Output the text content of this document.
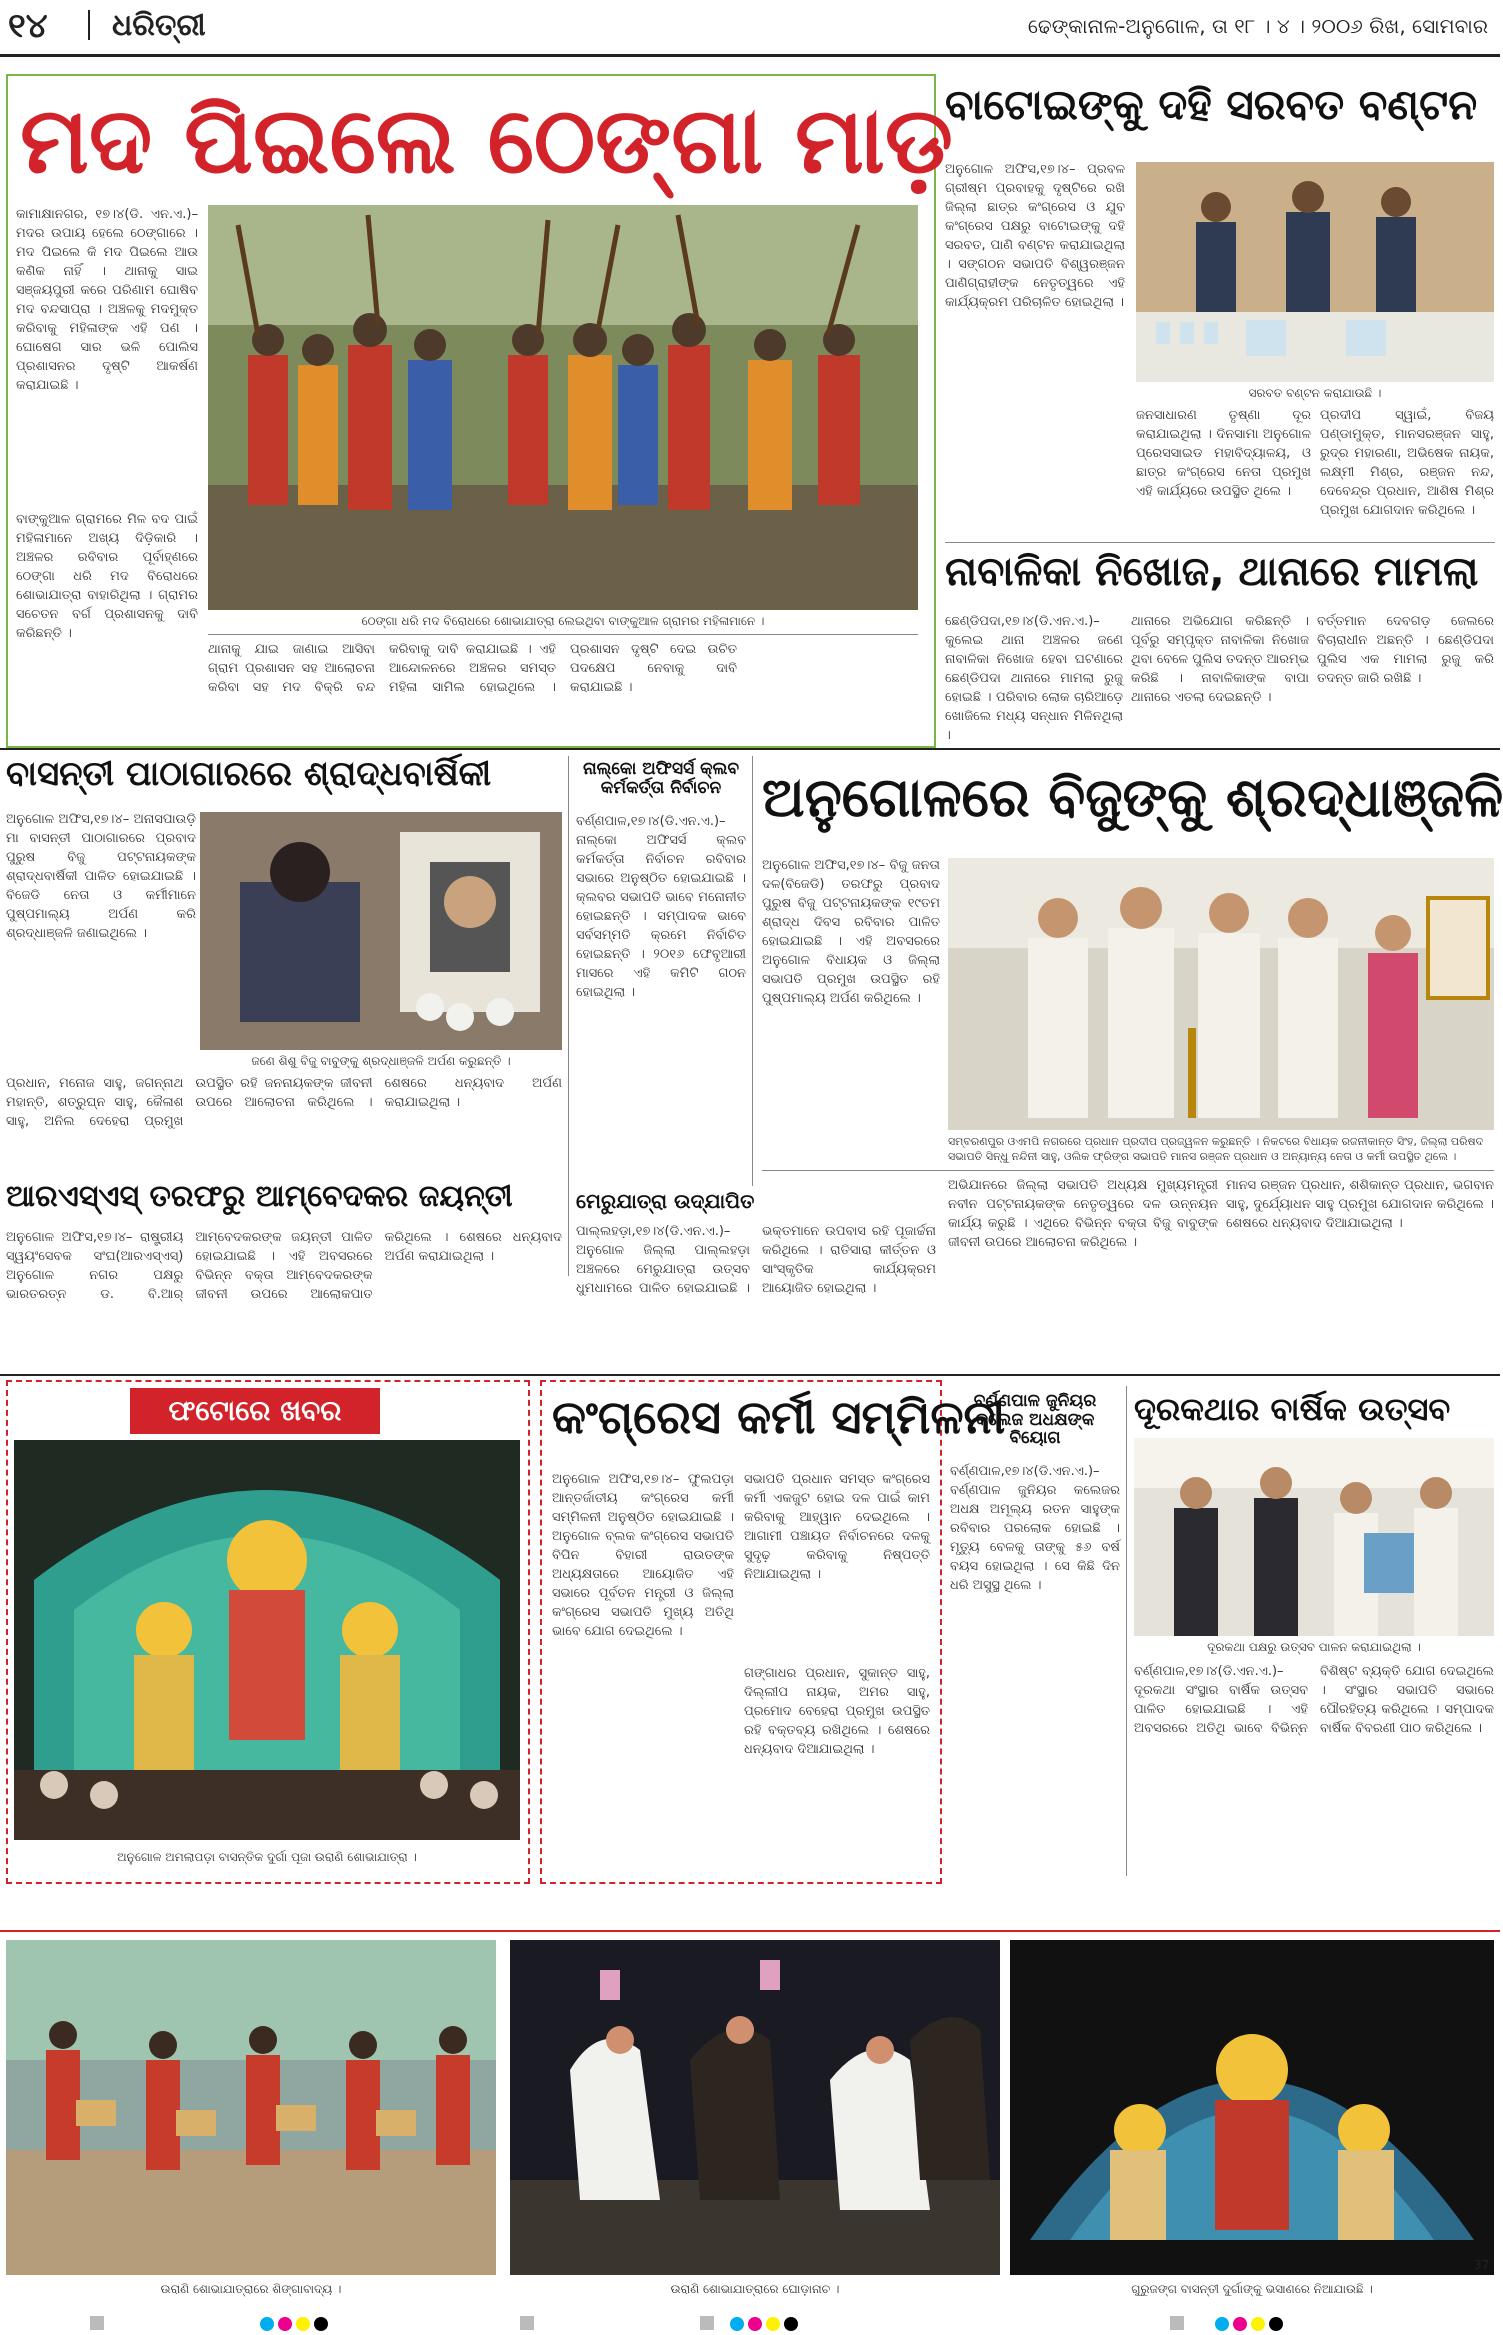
୧୪ ଧରିତ୍ରୀ	ଢେଙ୍କାନାଳ-ଅନୁଗୋଳ, ତା ୧୮ । ୪ । ୨୦୦୬ ରିଖ, ସୋମବାର
ମଦ ପିଇଲେ ଠେଙ୍ଗା ମାଡ଼
କାମାକ୍ଷାନଗର, ୧୭।୪(ଡି. ଏନ.ଏ.)– ମଦର ଉପାୟ ହେଲେ ଠେଙ୍ଗାରେ । ମଦ ପିଇଲେ କି ମଦ ପିଇଲେ ଆଉ କଣିକ ନାହିଁ । ଥାନାକୁ ସାଇ ସଞ୍ଜୟପୁରୀ କରେ ପରିଣାମ ଘୋଷିବ ମଦ ବନ୍ଦସାପ୍ରା । ଅଞ୍ଚଳକୁ ମଦମୁକ୍ତ କରିବାକୁ ମହିଳାଙ୍କ ଏହି ପଣ । ଘୋଷେଗ ସାର ଭଳି ପୋଲିସ ପ୍ରଶାସନର ଦୃଷ୍ଟି ଆକର୍ଷଣ କରାଯାଇଛି ।
ବାଙ୍କୁଆଳ ଗ୍ରାମରେ ମିଳ ବଦ ପାଇଁ ମହିଳାମାନେ ଅଖ୍ୟ ଦିଡ଼ିକାରି । ଅଞ୍ଚଳର ରବିବାର ପୂର୍ବାହ୍ଣରେ ଠେଙ୍ଗା ଧରି ମଦ ବିରୋଧରେ ଶୋଭାଯାତ୍ରା ବାହାରିଥିଲା । ଗ୍ରାମର ସଚେତନ ବର୍ଗ ପ୍ରଶାସନକୁ ଦାବି କରିଛନ୍ତି ।
ଠେଙ୍ଗା ଧରି ମଦ ବିରୋଧରେ ଶୋଭାଯାତ୍ରା ଲେଇଥିବା ବାଙ୍କୁଆଳ ଗ୍ରାମର ମହିଳାମାନେ ।
ଥାନାକୁ ଯାଇ ଜାଣାଇ ଆସିବା ଗ୍ରାମ ପ୍ରଶାସନ ସହ ଆଲୋଚନା କରିବା ସହ ମଦ ବିକ୍ରି ବନ୍ଦ କରିବାକୁ ଦାବି କରାଯାଇଛି । ଏହି ଆନ୍ଦୋଳନରେ ଅଞ୍ଚଳର ସମସ୍ତ ମହିଳା ସାମିଲ ହୋଇଥିଲେ । ପ୍ରଶାସନ ଦୃଷ୍ଟି ଦେଇ ଉଚିତ ପଦକ୍ଷେପ ନେବାକୁ ଦାବି କରାଯାଇଛି ।
ବାଟୋଇଙ୍କୁ ଦହି ସରବତ ବଣ୍ଟନ
ଅନୁଗୋଳ ଅଫିସ,୧୭।୪– ପ୍ରବଳ ଗ୍ରୀଷ୍ମ ପ୍ରବାହକୁ ଦୃଷ୍ଟିରେ ରଖି ଜିଲ୍ଲା ଛାତ୍ର କଂଗ୍ରେସ ଓ ଯୁବ କଂଗ୍ରେସ ପକ୍ଷରୁ ବାଟୋଇଙ୍କୁ ଦହି ସରବତ, ପାଣି ବଣ୍ଟନ କରାଯାଇଥିଲା । ସଙ୍ଗଠନ ସଭାପତି ବିଶ୍ୱରଞ୍ଜନ ପାଣିଗ୍ରାହୀଙ୍କ ନେତୃତ୍ୱରେ ଏହି କାର୍ଯ୍ୟକ୍ରମ ପରିଚାଳିତ ହୋଇଥିଲା ।
ସରବତ ବଣ୍ଟନ କରାଯାଉଛି ।
ଜନସାଧାରଣ ତୃଷ୍ଣା ଦୂର କରାଯାଇଥିଲା । ଦିନସାମା ଅନୁଗୋଳ ପ୍ରେସସାଇଡ ମହାବିଦ୍ୟାଳୟ, ଓ ଛାତ୍ର କଂଗ୍ରେସ ନେତା ପ୍ରମୁଖ ଏହି କାର୍ଯ୍ୟରେ ଉପସ୍ଥିତ ଥିଲେ ।
ପ୍ରଦୀପ ସ୍ୱାଇଁ, ବିଜୟ ପଣ୍ଡାମୁକ୍ତ, ମାନସରଞ୍ଜନ ସାହୁ, ରୁଦ୍ର ମହାରଣା, ଅଭିଷେକ ନାୟକ, ଲକ୍ଷ୍ମୀ ମିଶ୍ର, ରଞ୍ଜନ ନନ୍ଦ, ଦେବେନ୍ଦ୍ର ପ୍ରଧାନ, ଆଶିଷ ମିଶ୍ର ପ୍ରମୁଖ ଯୋଗଦାନ କରିଥିଲେ ।
ନାବାଳିକା ନିଖୋଜ, ଥାନାରେ ମାମଲା
ଛେଣ୍ଡିପଦା,୧୭।୪(ଡି.ଏନ.ଏ.)– କୁଲେଇ ଥାନା ଅଞ୍ଚଳର ଜଣେ ନାବାଳିକା ନିଖୋଜ ହେବା ଘଟଣାରେ ଛେଣ୍ଡିପଦା ଥାନାରେ ମାମଲା ରୁଜୁ ହୋଇଛି । ପରିବାର ଲୋକ ଚାରିଆଡ଼େ ଖୋଜିଲେ ମଧ୍ୟ ସନ୍ଧାନ ମିଳିନଥିଲା ।
ଥାନାରେ ଅଭିଯୋଗ କରିଛନ୍ତି । ପୂର୍ବରୁ ସମ୍ପୃକ୍ତ ନାବାଳିକା ନିଖୋଜ ଥିବା ବେଳେ ପୁଲିସ ତଦନ୍ତ ଆରମ୍ଭ କରିଛି । ନାବାଳିକାଙ୍କ ବାପା ଥାନାରେ ଏତଲା ଦେଇଛନ୍ତି ।
ବର୍ତ୍ତମାନ ଦେବଗଡ଼ ଜେଲରେ ବିଚାରାଧୀନ ଅଛନ୍ତି । ଛେଣ୍ଡିପଦା ପୁଲିସ ଏକ ମାମଲା ରୁଜୁ କରି ତଦନ୍ତ ଜାରି ରଖିଛି ।
ବାସନ୍ତୀ ପାଠାଗାରରେ ଶ୍ରାଦ୍ଧବାର୍ଷିକୀ
ଅନୁଗୋଳ ଅଫିସ,୧୭।୪– ଅନାସପାଉଡ଼ି ମା ବାସନ୍ତୀ ପାଠାଗାରରେ ପ୍ରବାଦ ପୁରୁଷ ବିଜୁ ପଟ୍ଟନାୟକଙ୍କ ଶ୍ରାଦ୍ଧବାର୍ଷିକୀ ପାଳିତ ହୋଇଯାଇଛି । ବିଜେଡି ନେତା ଓ କର୍ମୀମାନେ ପୁଷ୍ପମାଲ୍ୟ ଅର୍ପଣ କରି ଶ୍ରଦ୍ଧାଞ୍ଜଳି ଜଣାଇଥିଲେ ।
ଜଣେ ଶିଶୁ ବିଜୁ ବାବୁଙ୍କୁ ଶ୍ରଦ୍ଧାଞ୍ଜଳି ଅର୍ପଣ କରୁଛନ୍ତି ।
ପ୍ରଧାନ, ମନୋଜ ସାହୁ, ଜଗନ୍ନାଥ ମହାନ୍ତି, ଶତ୍ରୁଘ୍ନ ସାହୁ, କୈଳାଶ ସାହୁ, ଅନିଲ ଦେହେରା ପ୍ରମୁଖ ଉପସ୍ଥିତ ରହି ଜନନାୟକଙ୍କ ଜୀବନୀ ଉପରେ ଆଲୋଚନା କରିଥିଲେ । ଶେଷରେ ଧନ୍ୟବାଦ ଅର୍ପଣ କରାଯାଇଥିଲା ।
ନାଲ୍‌କୋ ଅଫିସର୍ସ କ୍ଲବ କର୍ମକର୍ତ୍ତା ନିର୍ବାଚନ
ବର୍ଣ୍ଣପାଳ,୧୭।୪(ଡି.ଏନ.ଏ.)– ନାଲ୍‌କୋ ଅଫିସର୍ସ କ୍ଲବ କର୍ମକର୍ତ୍ତା ନିର୍ବାଚନ ରବିବାର ସଭାରେ ଅନୁଷ୍ଠିତ ହୋଇଯାଇଛି । କ୍ଲବର ସଭାପତି ଭାବେ ମନୋନୀତ ହୋଇଛନ୍ତି । ସମ୍ପାଦକ ଭାବେ ସର୍ବସମ୍ମତି କ୍ରମେ ନିର୍ବାଚିତ ହୋଇଛନ୍ତି । ୨୦୧୬ ଫେବୃଆରୀ ମାସରେ ଏହି କମିଟି ଗଠନ ହୋଇଥିଲା ।
ଅନୁଗୋଳରେ ବିଜୁଙ୍କୁ ଶ୍ରଦ୍ଧାଞ୍ଜଳି
ଅନୁଗୋଳ ଅଫିସ,୧୭।୪– ବିଜୁ ଜନତା ଦଳ(ବିଜେଡି) ତରଫରୁ ପ୍ରବାଦ ପୁରୁଷ ବିଜୁ ପଟ୍ଟନାୟକଙ୍କ ୧୯ତମ ଶ୍ରାଦ୍ଧ ଦିବସ ରବିବାର ପାଳିତ ହୋଇଯାଇଛି । ଏହି ଅବସରରେ ଅନୁଗୋଳ ବିଧାୟକ ଓ ଜିଲ୍ଲା ସଭାପତି ପ୍ରମୁଖ ଉପସ୍ଥିତ ରହି ପୁଷ୍ପମାଲ୍ୟ ଅର୍ପଣ କରିଥିଲେ ।
ସମ୍ବରଣପୁର ଓଏମପି ନଗରରେ ପ୍ରଧାନ ପ୍ରଦୀପ ପ୍ରଜ୍ୱଳନ କରୁଛନ୍ତି । ନିକଟରେ ବିଧାୟକ ରଜନୀକାନ୍ତ ସିଂହ, ଜିଲ୍ଲା ପରିଷଦ ସଭାପତି ସିନ୍ଧୁ ନନ୍ଦିନୀ ସାହୁ, ଓଲିକ ଫ୍ରିଙ୍ଗ ସଭାପତି ମାନସ ରଞ୍ଜନ ପ୍ରଧାନ ଓ ଅନ୍ୟାନ୍ୟ ନେତା ଓ କର୍ମୀ ଉପସ୍ଥିତ ଥିଲେ ।
ଅଭିଯାନରେ ଜିଲ୍ଲା ସଭାପତି ଅଧ୍ୟକ୍ଷ ମୁଖ୍ୟମନ୍ତ୍ରୀ ନବୀନ ପଟ୍ଟନାୟକଙ୍କ ନେତୃତ୍ୱରେ ଦଳ ଉନ୍ନୟନ କାର୍ଯ୍ୟ କରୁଛି । ଏଥିରେ ବିଭିନ୍ନ ବକ୍ତା ବିଜୁ ବାବୁଙ୍କ ଜୀବନୀ ଉପରେ ଆଲୋଚନା କରିଥିଲେ ।
ମାନସ ରଞ୍ଜନ ପ୍ରଧାନ, ଶଶିକାନ୍ତ ପ୍ରଧାନ, ଭଗବାନ ସାହୁ, ଦୁର୍ଯ୍ୟୋଧନ ସାହୁ ପ୍ରମୁଖ ଯୋଗଦାନ କରିଥିଲେ । ଶେଷରେ ଧନ୍ୟବାଦ ଦିଆଯାଇଥିଲା ।
ଆରଏସ୍‌ଏସ୍ ତରଫରୁ ଆମ୍ବେଦକର ଜୟନ୍ତୀ
ଅନୁଗୋଳ ଅଫିସ,୧୭।୪– ରାଷ୍ଟ୍ରୀୟ ସ୍ୱୟଂସେବକ ସଂଘ(ଆରଏସ୍‌ଏସ୍) ଅନୁଗୋଳ ନଗର ପକ୍ଷରୁ ଭାରତରତ୍ନ ଡ. ବି.ଆର୍ ଆମ୍ବେଦକରଙ୍କ ଜୟନ୍ତୀ ପାଳିତ ହୋଇଯାଇଛି । ଏହି ଅବସରରେ ବିଭିନ୍ନ ବକ୍ତା ଆମ୍ବେଦକରଙ୍କ ଜୀବନୀ ଉପରେ ଆଲୋକପାତ କରିଥିଲେ । ଶେଷରେ ଧନ୍ୟବାଦ ଅର୍ପଣ କରାଯାଇଥିଲା ।
ମେରୁଯାତ୍ରା ଉଦ୍‌ଯାପିତ
ପାଲ୍ଲହଡ଼ା,୧୭।୪(ଡି.ଏନ.ଏ.)– ଅନୁଗୋଳ ଜିଲ୍ଲା ପାଲ୍ଲହଡ଼ା ଅଞ୍ଚଳରେ ମେରୁଯାତ୍ରା ଉତ୍ସବ ଧୁମଧାମରେ ପାଳିତ ହୋଇଯାଇଛି । ଭକ୍ତମାନେ ଉପବାସ ରହି ପୂଜାର୍ଚ୍ଚନା କରିଥିଲେ । ରାତିସାରା କୀର୍ତ୍ତନ ଓ ସାଂସ୍କୃତିକ କାର୍ଯ୍ୟକ୍ରମ ଆୟୋଜିତ ହୋଇଥିଲା ।
ଫଟୋରେ ଖବର
ଅନୁଗୋଳ ଅମଲାପଡ଼ା ବାସନ୍ତିକ ଦୁର୍ଗା ପୂଜା ଉରାଣି ଶୋଭାଯାତ୍ରା ।
କଂଗ୍ରେସ କର୍ମୀ ସମ୍ମିଳନୀ
ଅନୁଗୋଳ ଅଫିସ,୧୭।୪– ଫୁଲପଡ଼ା ଆନ୍ତର୍ଜାତୀୟ କଂଗ୍ରେସ କର୍ମୀ ସମ୍ମିଳନୀ ଅନୁଷ୍ଠିତ ହୋଇଯାଇଛି । ଅନୁଗୋଳ ବ୍ଲକ କଂଗ୍ରେସ ସଭାପତି ବିପିନ ବିହାରୀ ରାଉତଙ୍କ ଅଧ୍ୟକ୍ଷତାରେ ଆୟୋଜିତ ଏହି ସଭାରେ ପୂର୍ବତନ ମନ୍ତ୍ରୀ ଓ ଜିଲ୍ଲା କଂଗ୍ରେସ ସଭାପତି ମୁଖ୍ୟ ଅତିଥି ଭାବେ ଯୋଗ ଦେଇଥିଲେ ।
ସଭାପତି ପ୍ରଧାନ ସମସ୍ତ କଂଗ୍ରେସ କର୍ମୀ ଏକଜୁଟ ହୋଇ ଦଳ ପାଇଁ କାମ କରିବାକୁ ଆହ୍ୱାନ ଦେଇଥିଲେ । ଆଗାମୀ ପଞ୍ଚାୟତ ନିର୍ବାଚନରେ ଦଳକୁ ସୁଦୃଢ଼ କରିବାକୁ ନିଷ୍ପତ୍ତି ନିଆଯାଇଥିଲା ।
ଗଙ୍ଗାଧର ପ୍ରଧାନ, ସୁକାନ୍ତ ସାହୁ, ଦିଲ୍ଲୀପ ନାୟକ, ଅମର ସାହୁ, ପ୍ରମୋଦ ବେହେରା ପ୍ରମୁଖ ଉପସ୍ଥିତ ରହି ବକ୍ତବ୍ୟ ରଖିଥିଲେ । ଶେଷରେ ଧନ୍ୟବାଦ ଦିଆଯାଇଥିଲା ।
ବର୍ଣ୍ଣପାଳ ଜୁନିୟର କଲେଜ ଅଧକ୍ଷଙ୍କ ବିୟୋଗ
ବର୍ଣ୍ଣପାଳ,୧୭।୪(ଡି.ଏନ.ଏ.)– ବର୍ଣ୍ଣପାଳ ଜୁନିୟର କଲେଜର ଅଧକ୍ଷ ଅମୂଲ୍ୟ ରତନ ସାହୁଙ୍କ ରବିବାର ପରଲୋକ ହୋଇଛି । ମୃତ୍ୟୁ ବେଳକୁ ତାଙ୍କୁ ୫୬ ବର୍ଷ ବୟସ ହୋଇଥିଲା । ସେ କିଛି ଦିନ ଧରି ଅସୁସ୍ଥ ଥିଲେ ।
ଦୂରକଥାର ବାର୍ଷିକ ଉତ୍ସବ
ଦୂରକଥା ପକ୍ଷରୁ ଉତ୍ସବ ପାଳନ କରାଯାଇଥିଲା ।
ବର୍ଣ୍ଣପାଳ,୧୭।୪(ଡି.ଏନ.ଏ.)– ଦୂରକଥା ସଂସ୍ଥାର ବାର୍ଷିକ ଉତ୍ସବ ପାଳିତ ହୋଇଯାଇଛି । ଏହି ଅବସରରେ ଅତିଥି ଭାବେ ବିଭିନ୍ନ ବିଶିଷ୍ଟ ବ୍ୟକ୍ତି ଯୋଗ ଦେଇଥିଲେ । ସଂସ୍ଥାର ସଭାପତି ସଭାରେ ପୌରହିତ୍ୟ କରିଥିଲେ । ସମ୍ପାଦକ ବାର୍ଷିକ ବିବରଣୀ ପାଠ କରିଥିଲେ ।
ଉରାଣି ଶୋଭାଯାତ୍ରାରେ ଶିଙ୍ଗାବାଦ୍ୟ ।	ଉରାଣି ଶୋଭାଯାତ୍ରାରେ ଘୋଡ଼ାନାଚ ।	ଗୁରୁଜଙ୍ଗ ବାସନ୍ତୀ ଦୁର୍ଗାଙ୍କୁ ଭସାଣରେ ନିଆଯାଉଛି ।
37
